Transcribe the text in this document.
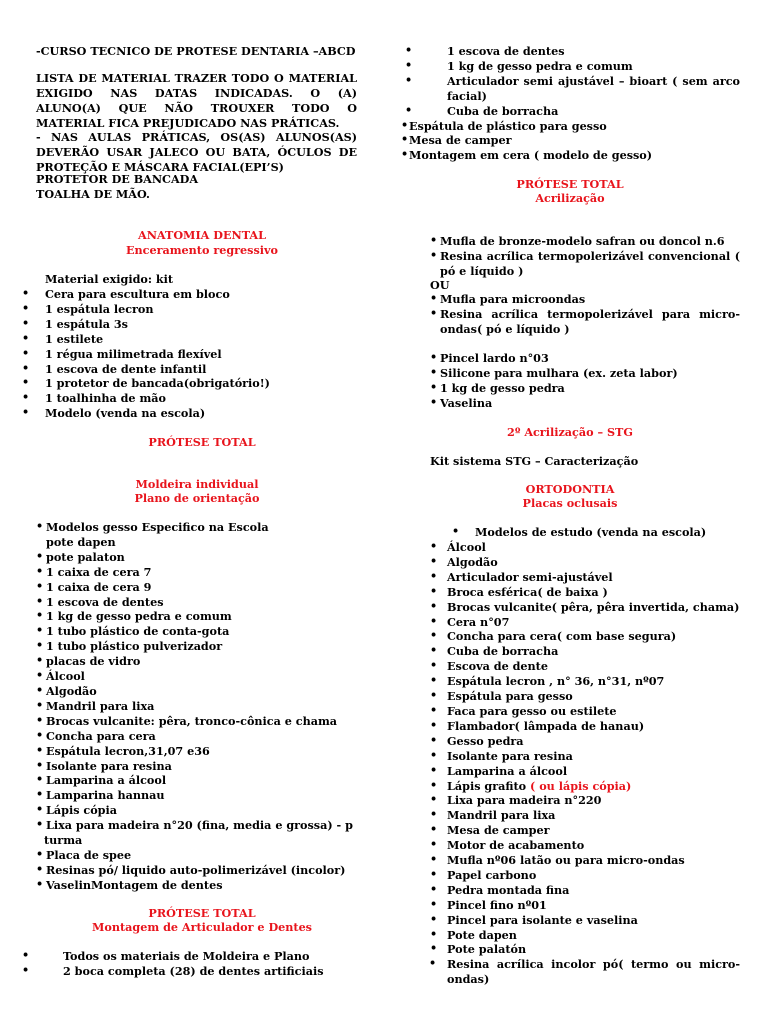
-CURSO TECNICO DE PROTESE DENTARIA –ABCD

LISTA DE MATERIAL TRAZER TODO O MATERIAL EXIGIDO NAS DATAS INDICADAS. O (A) ALUNO(A) QUE NÃO TROUXER TODO O MATERIAL FICA PREJUDICADO NAS PRÁTICAS.

- NAS AULAS PRÁTICAS, OS(AS) ALUNOS(AS) DEVERÃO USAR JALECO OU BATA, ÓCULOS DE PROTEÇÃO E MÁSCARA FACIAL(EPI’S)

PROTETOR DE BANCADA

TOALHA DE MÃO.

ANATOMIA DENTAL

Enceramento regressivo

Material exigido: kit

• Cera para escultura em bloco
• 1 espátula lecron
• 1 espátula 3s
• 1 estilete
• 1 régua milimetrada flexível
• 1 escova de dente infantil
• 1 protetor de bancada(obrigatório!)
• 1 toalhinha de mão
• Modelo (venda na escola)

PRÓTESE TOTAL

Moldeira individual

Plano de orientação

• Modelos gesso Especifico na Escola
pote dapen
• pote palaton
• 1 caixa de cera 7
• 1 caixa de cera 9
• 1 escova de dentes
• 1 kg de gesso pedra e comum
• 1 tubo plástico de conta-gota
• 1 tubo plástico pulverizador
• placas de vidro
• Álcool
• Algodão
• Mandril para lixa
• Brocas vulcanite: pêra, tronco-cônica e chama
• Concha para cera
• Espátula lecron,31,07 e36
• Isolante para resina
• Lamparina a álcool
• Lamparina hannau
• Lápis cópia
• Lixa para madeira n°20 (fina, media e grossa) - p
turma
• Placa de spee
• Resinas pó/ liquido auto-polimerizável (incolor)
• VaselinMontagem de dentes

PRÓTESE TOTAL

Montagem de Articulador e Dentes

•	Todos os materiais de Moldeira e Plano
•	2 boca completa (28) de dentes artificiais
•	1 escova de dentes
•	1 kg de gesso pedra e comum
•	Articulador semi ajustável – bioart ( sem arco facial)
•	Cuba de borracha
• Espátula de plástico para gesso
• Mesa de camper
• Montagem em cera ( modelo de gesso)

PRÓTESE TOTAL

Acrilização

• Mufla de bronze-modelo safran ou doncol n.6
• Resina acrílica termopolerizável convencional ( pó e líquido )

OU

• Mufla para microondas
• Resina acrílica termopolerizável para micro-ondas( pó e líquido )
• Pincel lardo n°03
• Silicone para mulhara (ex. zeta labor)
• 1 kg de gesso pedra
• Vaselina

2º Acrilização – STG

Kit sistema STG – Caracterização

ORTODONTIA

Placas oclusais

• Modelos de estudo (venda na escola)
• Álcool
• Algodão
• Articulador semi-ajustável
• Broca esférica( de baixa )
• Brocas vulcanite( pêra, pêra invertida, chama)
• Cera n°07
• Concha para cera( com base segura)
• Cuba de borracha
• Escova de dente
• Espátula lecron , n° 36, n°31, nº07
• Espátula para gesso
• Faca para gesso ou estilete
• Flambador( lâmpada de hanau)
• Gesso pedra
• Isolante para resina
• Lamparina a álcool
• Lápis grafito ( ou lápis cópia)
• Lixa para madeira n°220
• Mandril para lixa
• Mesa de camper
• Motor de acabamento
• Mufla nº06 latão ou para micro-ondas
• Papel carbono
• Pedra montada fina
• Pincel fino nº01
• Pincel para isolante e vaselina
• Pote dapen
• Pote palatón
• Resina acrílica incolor pó( termo ou micro-ondas)
